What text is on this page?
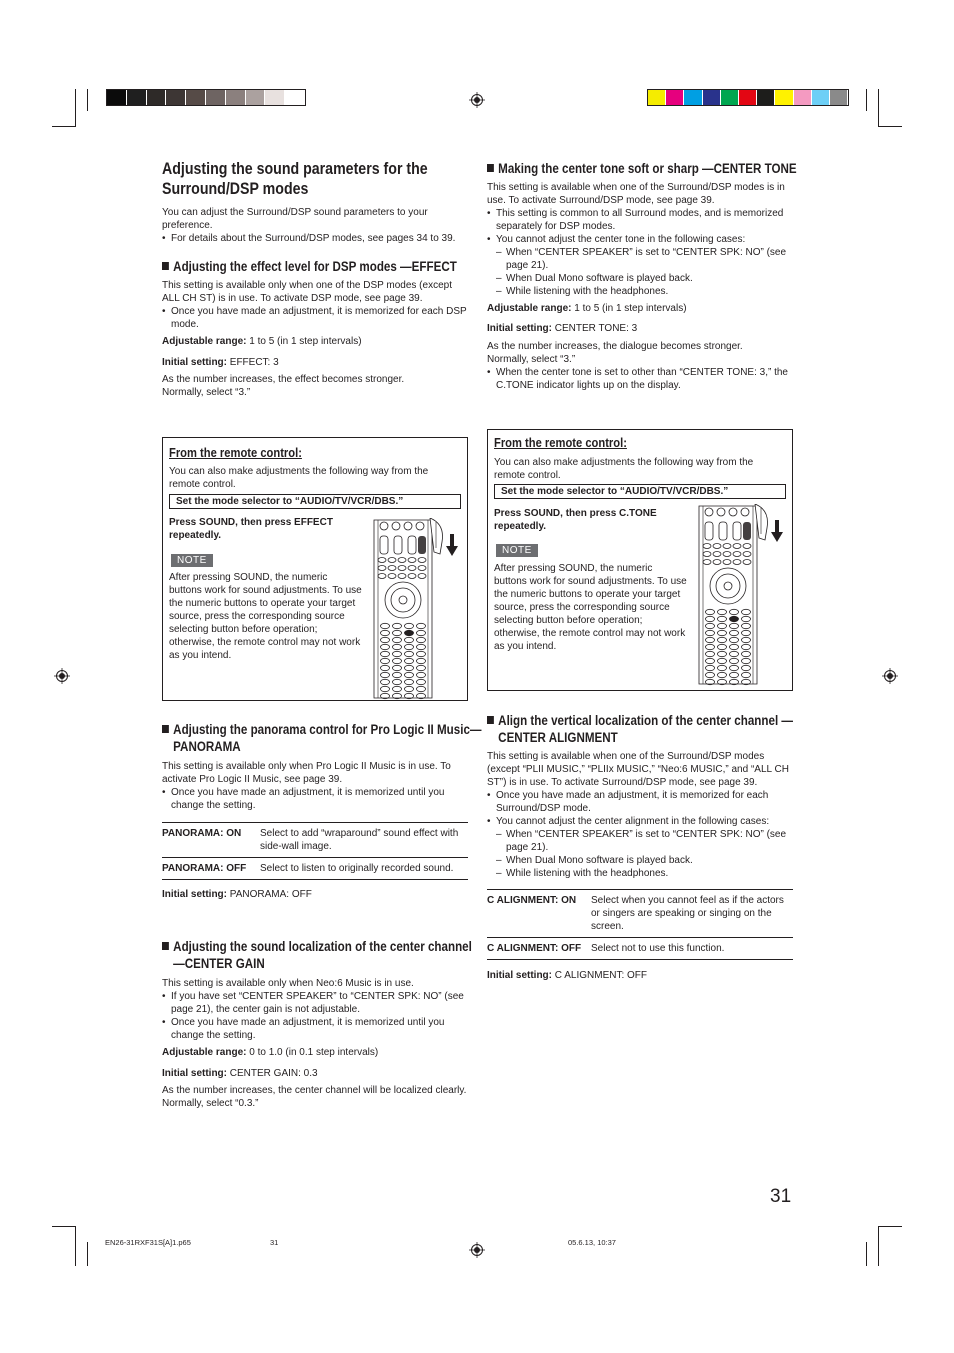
Adjusting the sound parameters for the Surround/DSP modes

You can adjust the Surround/DSP sound parameters to your preference.

• For details about the Surround/DSP modes, see pages 34 to 39.

Adjusting the effect level for DSP modes —EFFECT

This setting is available only when one of the DSP modes (except ALL CH ST) is in use. To activate DSP mode, see page 39.

• Once you have made an adjustment, it is memorized for each DSP mode.

Adjustable range: 1 to 5 (in 1 step intervals)

Initial setting: EFFECT: 3

As the number increases, the effect becomes stronger.

Normally, select “3.”

From the remote control:

You can also make adjustments the following way from the remote control.

Set the mode selector to “AUDIO/TV/VCR/DBS.”

Press SOUND, then press EFFECT repeatedly.

NOTE

After pressing SOUND, the numeric buttons work for sound adjustments. To use the numeric buttons to operate your target source, press the corresponding source selecting button before operation; otherwise, the remote control may not work as you intend.

Adjusting the panorama control for Pro Logic II Music—PANORAMA

This setting is available only when Pro Logic II Music is in use. To activate Pro Logic II Music, see page 39.

• Once you have made an adjustment, it is memorized until you change the setting.

PANORAMA: ON	Select to add “wraparound” sound effect with side-wall image.
PANORAMA: OFF	Select to listen to originally recorded sound.

Initial setting: PANORAMA: OFF

Adjusting the sound localization of the center channel—CENTER GAIN

This setting is available only when Neo:6 Music is in use.

• If you have set “CENTER SPEAKER” to “CENTER SPK: NO” (see page 21), the center gain is not adjustable.

• Once you have made an adjustment, it is memorized until you change the setting.

Adjustable range: 0 to 1.0 (in 0.1 step intervals)

Initial setting: CENTER GAIN: 0.3

As the number increases, the center channel will be localized clearly.

Normally, select “0.3.”

Making the center tone soft or sharp —CENTER TONE

This setting is available when one of the Surround/DSP modes is in use. To activate Surround/DSP mode, see page 39.

• This setting is common to all Surround modes, and is memorized separately for DSP modes.

• You cannot adjust the center tone in the following cases:

– When “CENTER SPEAKER” is set to “CENTER SPK: NO” (see page 21).

– When Dual Mono software is played back.

– While listening with the headphones.

Adjustable range: 1 to 5 (in 1 step intervals)

Initial setting: CENTER TONE: 3

As the number increases, the dialogue becomes stronger.

Normally, select “3.”

• When the center tone is set to other than “CENTER TONE: 3,” the C.TONE indicator lights up on the display.

From the remote control:

You can also make adjustments the following way from the remote control.

Set the mode selector to “AUDIO/TV/VCR/DBS.”

Press SOUND, then press C.TONE repeatedly.

NOTE

After pressing SOUND, the numeric buttons work for sound adjustments. To use the numeric buttons to operate your target source, press the corresponding source selecting button before operation; otherwise, the remote control may not work as you intend.

Align the vertical localization of the center channel —CENTER ALIGNMENT

This setting is available when one of the Surround/DSP modes (except “PLII MUSIC,” “PLIIx MUSIC,” “Neo:6 MUSIC,” and “ALL CH ST”) is in use. To activate Surround/DSP mode, see page 39.

• Once you have made an adjustment, it is memorized for each Surround/DSP mode.

• You cannot adjust the center alignment in the following cases:

– When “CENTER SPEAKER” is set to “CENTER SPK: NO” (see page 21).

– When Dual Mono software is played back.

– While listening with the headphones.

C ALIGNMENT: ON	Select when you cannot feel as if the actors or singers are speaking or singing on the screen.
C ALIGNMENT: OFF	Select not to use this function.

Initial setting: C ALIGNMENT: OFF

31
EN26-31RXF31S[A]1.p65	31	05.6.13, 10:37
